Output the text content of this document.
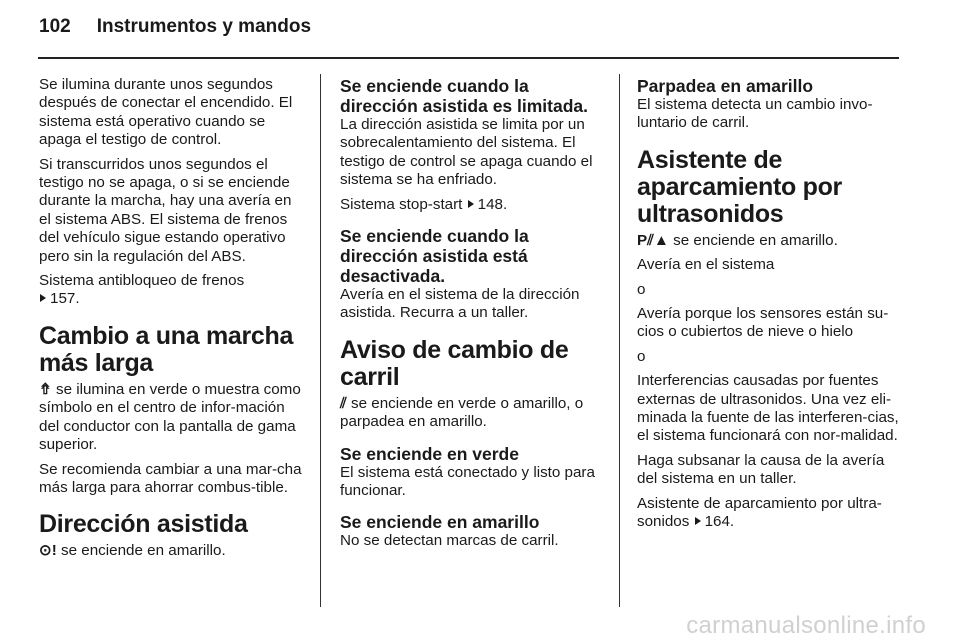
102 Instrumentos y mandos

Se ilumina durante unos segundos después de conectar el encendido. El sistema está operativo cuando se apaga el testigo de control.

Si transcurridos unos segundos el testigo no se apaga, o si se enciende durante la marcha, hay una avería en el sistema ABS. El sistema de frenos del vehículo sigue estando operativo pero sin la regulación del ABS.

Sistema antibloqueo de frenos
157.

Cambio a una marcha más larga

⇮ se ilumina en verde o muestra como símbolo en el centro de infor-mación del conductor con la pantalla de gama superior.

Se recomienda cambiar a una mar-cha más larga para ahorrar combus-tible.

Dirección asistida

⊙! se enciende en amarillo.

Se enciende cuando la dirección asistida es limitada.

La dirección asistida se limita por un sobrecalentamiento del sistema. El testigo de control se apaga cuando el sistema se ha enfriado.

Sistema stop-start 148.

Se enciende cuando la dirección asistida está desactivada.

Avería en el sistema de la dirección asistida. Recurra a un taller.

Aviso de cambio de carril

⫽ se enciende en verde o amarillo, o parpadea en amarillo.

Se enciende en verde

El sistema está conectado y listo para funcionar.

Se enciende en amarillo

No se detectan marcas de carril.

Parpadea en amarillo

El sistema detecta un cambio invo-luntario de carril.

Asistente de aparcamiento por ultrasonidos

P⫽▲ se enciende en amarillo.

Avería en el sistema

o

Avería porque los sensores están su-cios o cubiertos de nieve o hielo

o

Interferencias causadas por fuentes externas de ultrasonidos. Una vez eli-minada la fuente de las interferen-cias, el sistema funcionará con nor-malidad.

Haga subsanar la causa de la avería del sistema en un taller.

Asistente de aparcamiento por ultra-sonidos 164.

carmanualsonline.info
